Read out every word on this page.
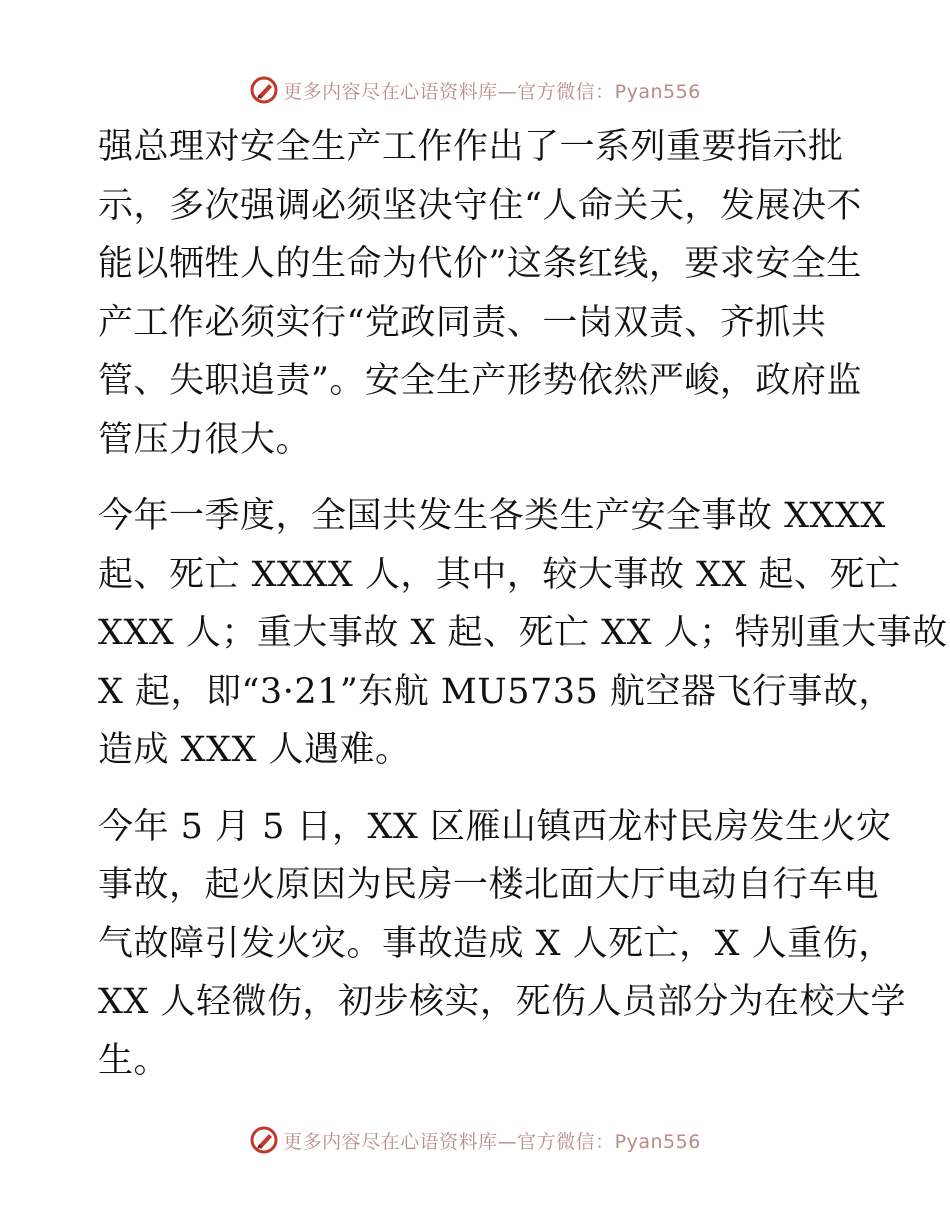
更多内容尽在心语资料库—官方微信：Pyan556

强总理对安全生产工作作出了一系列重要指示批
示，多次强调必须坚决守住“人命关天，发展决不
能以牺牲人的生命为代价”这条红线，要求安全生
产工作必须实行“党政同责、一岗双责、齐抓共
管、失职追责”。安全生产形势依然严峻，政府监
管压力很大。

今年一季度，全国共发生各类生产安全事故 XXXX
起、死亡 XXXX 人，其中，较大事故 XX 起、死亡
XXX 人；重大事故 X 起、死亡 XX 人；特别重大事故
X 起，即“3·21”东航 MU5735 航空器飞行事故，
造成 XXX 人遇难。

今年 5 月 5 日，XX 区雁山镇西龙村民房发生火灾
事故，起火原因为民房一楼北面大厅电动自行车电
气故障引发火灾。事故造成 X 人死亡，X 人重伤，
XX 人轻微伤，初步核实，死伤人员部分为在校大学
生。

更多内容尽在心语资料库—官方微信：Pyan556
